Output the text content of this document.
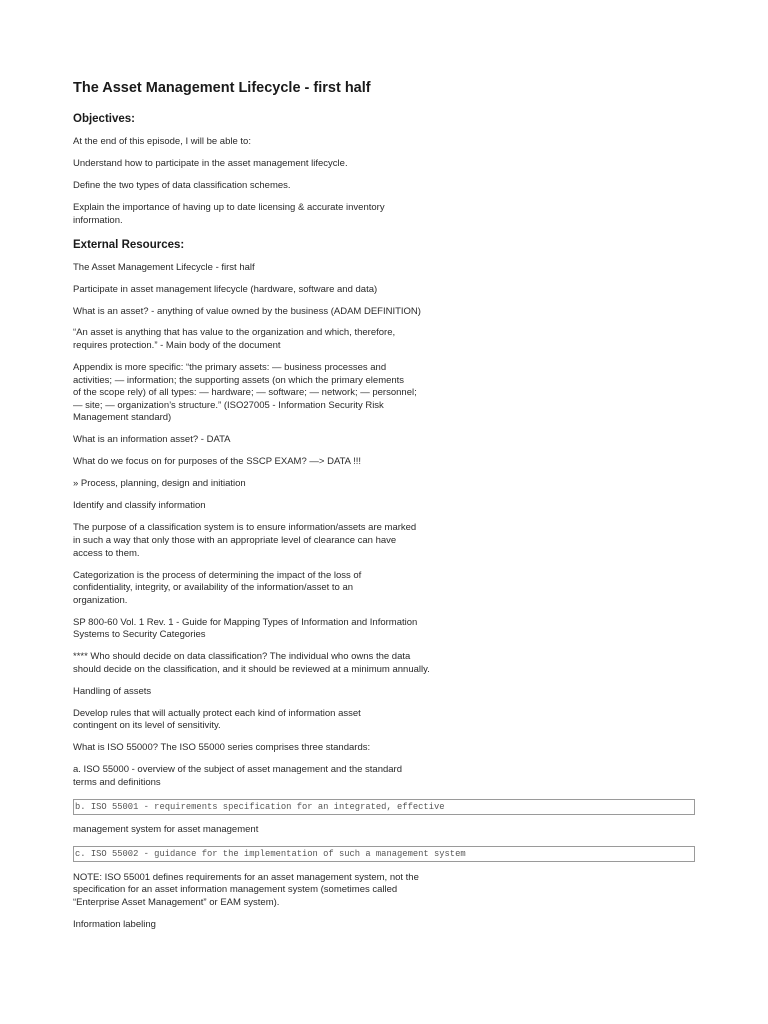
The Asset Management Lifecycle - first half
Objectives:
At the end of this episode, I will be able to:
Understand how to participate in the asset management lifecycle.
Define the two types of data classification schemes.
Explain the importance of having up to date licensing & accurate inventory
information.
External Resources:
The Asset Management Lifecycle - first half
Participate in asset management lifecycle (hardware, software and data)
What is an asset? - anything of value owned by the business (ADAM DEFINITION)
“An asset is anything that has value to the organization and which, therefore,
requires protection.” - Main body of the document
Appendix is more specific: “the primary assets: — business processes and
activities; — information; the supporting assets (on which the primary elements
of the scope rely) of all types: — hardware; — software; — network; — personnel;
— site; — organization’s structure.” (ISO27005 - Information Security Risk
Management standard)
What is an information asset? - DATA
What do we focus on for purposes of the SSCP EXAM? —> DATA !!!
» Process, planning, design and initiation
Identify and classify information
The purpose of a classification system is to ensure information/assets are marked
in such a way that only those with an appropriate level of clearance can have
access to them.
Categorization is the process of determining the impact of the loss of
confidentiality, integrity, or availability of the information/asset to an
organization.
SP 800-60 Vol. 1 Rev. 1 - Guide for Mapping Types of Information and Information
Systems to Security Categories
**** Who should decide on data classification? The individual who owns the data
should decide on the classification, and it should be reviewed at a minimum annually.
Handling of assets
Develop rules that will actually protect each kind of information asset
contingent on its level of sensitivity.
What is ISO 55000? The ISO 55000 series comprises three standards:
a. ISO 55000 - overview of the subject of asset management and the standard
terms and definitions
b. ISO 55001 - requirements specification for an integrated, effective
management system for asset management
c. ISO 55002 - guidance for the implementation of such a management system
NOTE: ISO 55001 defines requirements for an asset management system, not the
specification for an asset information management system (sometimes called
“Enterprise Asset Management” or EAM system).
Information labeling
